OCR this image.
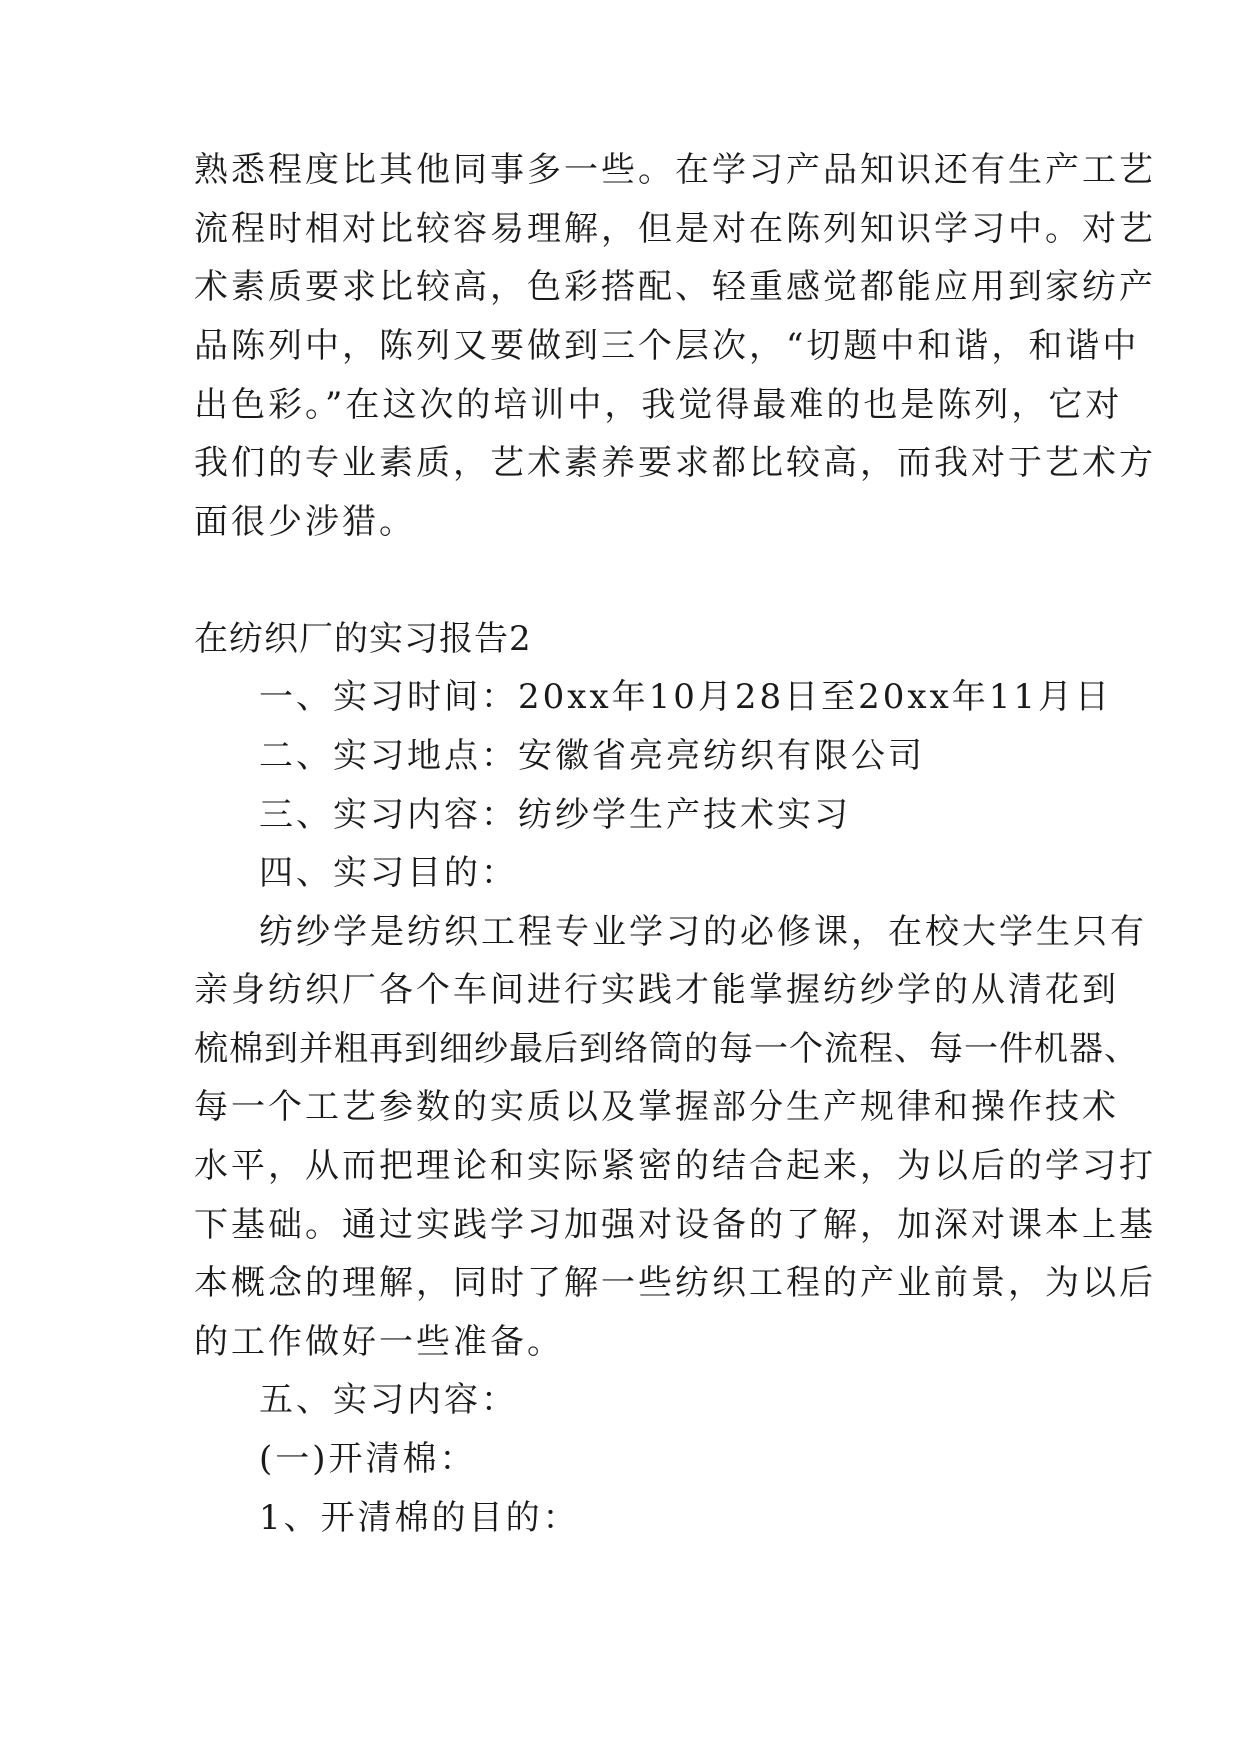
熟悉程度比其他同事多一些。在学习产品知识还有生产工艺
流程时相对比较容易理解，但是对在陈列知识学习中。对艺
术素质要求比较高，色彩搭配、轻重感觉都能应用到家纺产
品陈列中，陈列又要做到三个层次，“切题中和谐，和谐中
出色彩。”在这次的培训中，我觉得最难的也是陈列，它对
我们的专业素质，艺术素养要求都比较高，而我对于艺术方
面很少涉猎。
在纺织厂的实习报告2
一、实习时间：20xx年10月28日至20xx年11月日
二、实习地点：安徽省亮亮纺织有限公司
三、实习内容：纺纱学生产技术实习
四、实习目的：
纺纱学是纺织工程专业学习的必修课，在校大学生只有
亲身纺织厂各个车间进行实践才能掌握纺纱学的从清花到
梳棉到并粗再到细纱最后到络筒的每一个流程、每一件机器、
每一个工艺参数的实质以及掌握部分生产规律和操作技术
水平，从而把理论和实际紧密的结合起来，为以后的学习打
下基础。通过实践学习加强对设备的了解，加深对课本上基
本概念的理解，同时了解一些纺织工程的产业前景，为以后
的工作做好一些准备。
五、实习内容：
(一)开清棉：
1、开清棉的目的：
